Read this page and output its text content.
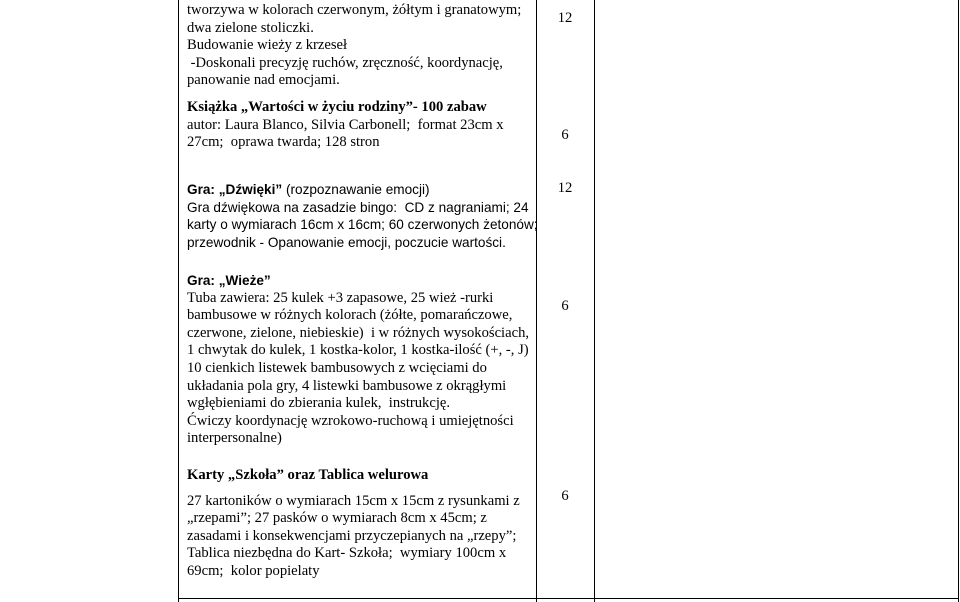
tworzywa w kolorach czerwonym, żółtym i granatowym;
dwa zielone stoliczki.
Budowanie wieży z krzeseł
-Doskonali precyzję ruchów, zręczność, koordynację,
panowanie nad emocjami.
12
Książka „Wartości w życiu rodziny”- 100 zabaw
autor: Laura Blanco, Silvia Carbonell;  format 23cm x
27cm;  oprawa twarda; 128 stron	6
Gra: „Dźwięki” (rozpoznawanie emocji)
Gra dźwiękowa na zasadzie bingo:  CD z nagraniami; 24
karty o wymiarach 16cm x 16cm; 60 czerwonych żetonów;
przewodnik - Opanowanie emocji, poczucie wartości.
12
Gra: „Wieże”
Tuba zawiera: 25 kulek +3 zapasowe, 25 wież -rurki
bambusowe w różnych kolorach (żółte, pomarańczowe,
czerwone, zielone, niebieskie)  i w różnych wysokościach,
1 chwytak do kulek, 1 kostka-kolor, 1 kostka-ilość (+, -, J)
10 cienkich listewek bambusowych z wcięciami do
układania pola gry, 4 listewki bambusowe z okrągłymi
wgłębieniami do zbierania kulek,  instrukcję.
Ćwiczy koordynację wzrokowo-ruchową i umiejętności
interpersonalne)
6
Karty „Szkoła” oraz Tablica welurowa
27 kartoników o wymiarach 15cm x 15cm z rysunkami z
„rzepami”; 27 pasków o wymiarach 8cm x 45cm; z
zasadami i konsekwencjami przyczepianych na „rzepy”;
Tablica niezbędna do Kart- Szkoła;  wymiary 100cm x
69cm;  kolor popielaty
6
